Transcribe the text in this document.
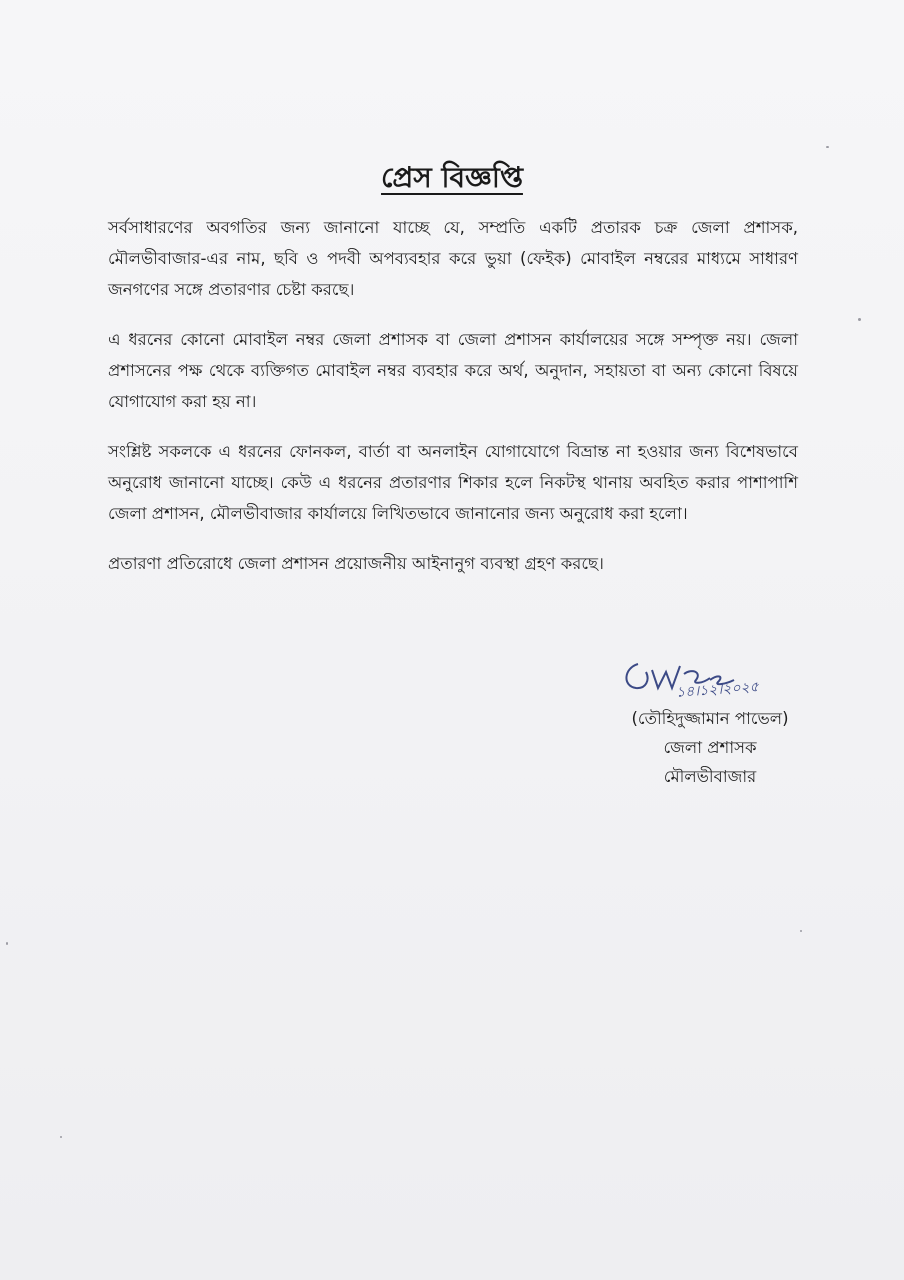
প্রেস বিজ্ঞপ্তি

সর্বসাধারণের অবগতির জন্য জানানো যাচ্ছে যে, সম্প্রতি একটি প্রতারক চক্র জেলা প্রশাসক, মৌলভীবাজার-এর নাম, ছবি ও পদবী অপব্যবহার করে ভুয়া (ফেইক) মোবাইল নম্বরের মাধ্যমে সাধারণ জনগণের সঙ্গে প্রতারণার চেষ্টা করছে।

এ ধরনের কোনো মোবাইল নম্বর জেলা প্রশাসক বা জেলা প্রশাসন কার্যালয়ের সঙ্গে সম্পৃক্ত নয়। জেলা প্রশাসনের পক্ষ থেকে ব্যক্তিগত মোবাইল নম্বর ব্যবহার করে অর্থ, অনুদান, সহায়তা বা অন্য কোনো বিষয়ে যোগাযোগ করা হয় না।

সংশ্লিষ্ট সকলকে এ ধরনের ফোনকল, বার্তা বা অনলাইন যোগাযোগে বিভ্রান্ত না হওয়ার জন্য বিশেষভাবে অনুরোধ জানানো যাচ্ছে। কেউ এ ধরনের প্রতারণার শিকার হলে নিকটস্থ থানায় অবহিত করার পাশাপাশি জেলা প্রশাসন, মৌলভীবাজার কার্যালয়ে লিখিতভাবে জানানোর জন্য অনুরোধ করা হলো।

প্রতারণা প্রতিরোধে জেলা প্রশাসন প্রয়োজনীয় আইনানুগ ব্যবস্থা গ্রহণ করছে।

১৪।১২।২০২৫
(তৌহিদুজ্জামান পাভেল)
জেলা প্রশাসক
মৌলভীবাজার
